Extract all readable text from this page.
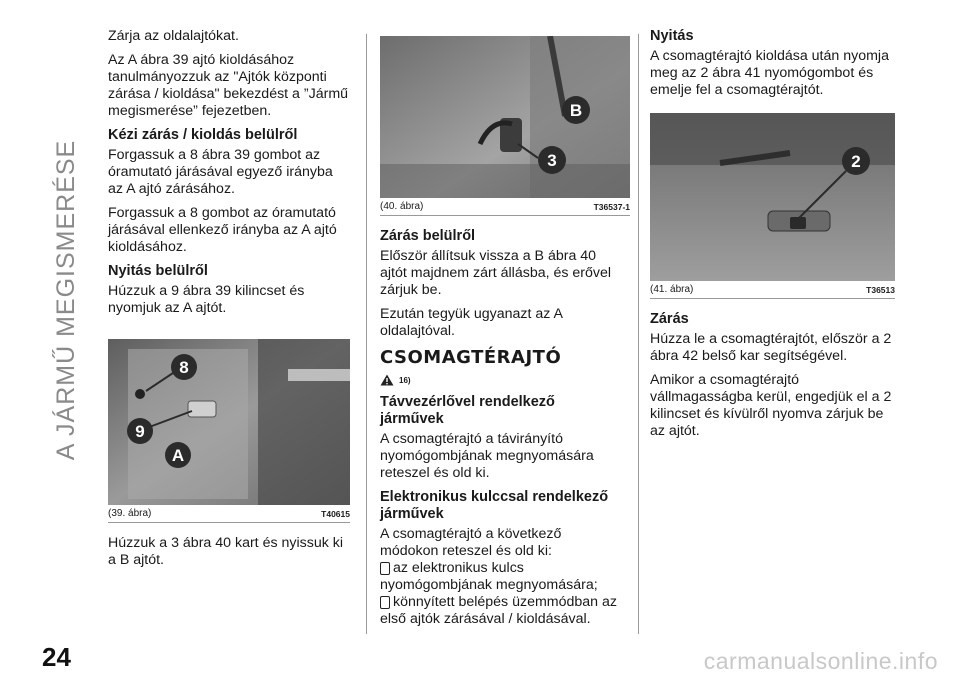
A JÁRMŰ MEGISMERÉSE

Zárja az oldalajtókat.

Az A ábra 39 ajtó kioldásához tanulmányozzuk az "Ajtók központi zárása / kioldása" bekezdést a ”Jármű megismerése” fejezetben.

Kézi zárás / kioldás belülről

Forgassuk a 8 ábra 39 gombot az óramutató járásával egyező irányba az A ajtó zárásához.

Forgassuk a 8 gombot az óramutató járásával ellenkező irányba az A ajtó kioldásához.

Nyitás belülről

Húzzuk a 9 ábra 39 kilincset és nyomjuk az A ajtót.

8
9
A
(39. ábra)	T40615

Húzzuk a 3 ábra 40 kart és nyissuk ki a B ajtót.

B
3
(40. ábra)	T36537-1
Zárás belülről

Először állítsuk vissza a B ábra 40 ajtót majdnem zárt állásba, és erővel zárjuk be.

Ezután tegyük ugyanazt az A oldalajtóval.

CSOMAGTÉRAJTÓ
16)
Távvezérlővel rendelkező járművek

A csomagtérajtó a távirányító nyomógombjának megnyomására reteszel és old ki.

Elektronikus kulccsal rendelkező járművek

A csomagtérajtó a következő módokon reteszel és old ki:

az elektronikus kulcs
nyomógombjának megnyomására;

könnyített belépés üzemmódban az
első ajtók zárásával / kioldásával.

Nyitás

A csomagtérajtó kioldása után nyomja meg az 2 ábra 41 nyomógombot és emelje fel a csomagtérajtót.

2
(41. ábra)	T36513
Zárás

Húzza le a csomagtérajtót, először a 2 ábra 42 belső kar segítségével.

Amikor a csomagtérajtó vállmagasságba kerül, engedjük el a 2 kilincset és kívülről nyomva zárjuk be az ajtót.

24	carmanualsonline.info
